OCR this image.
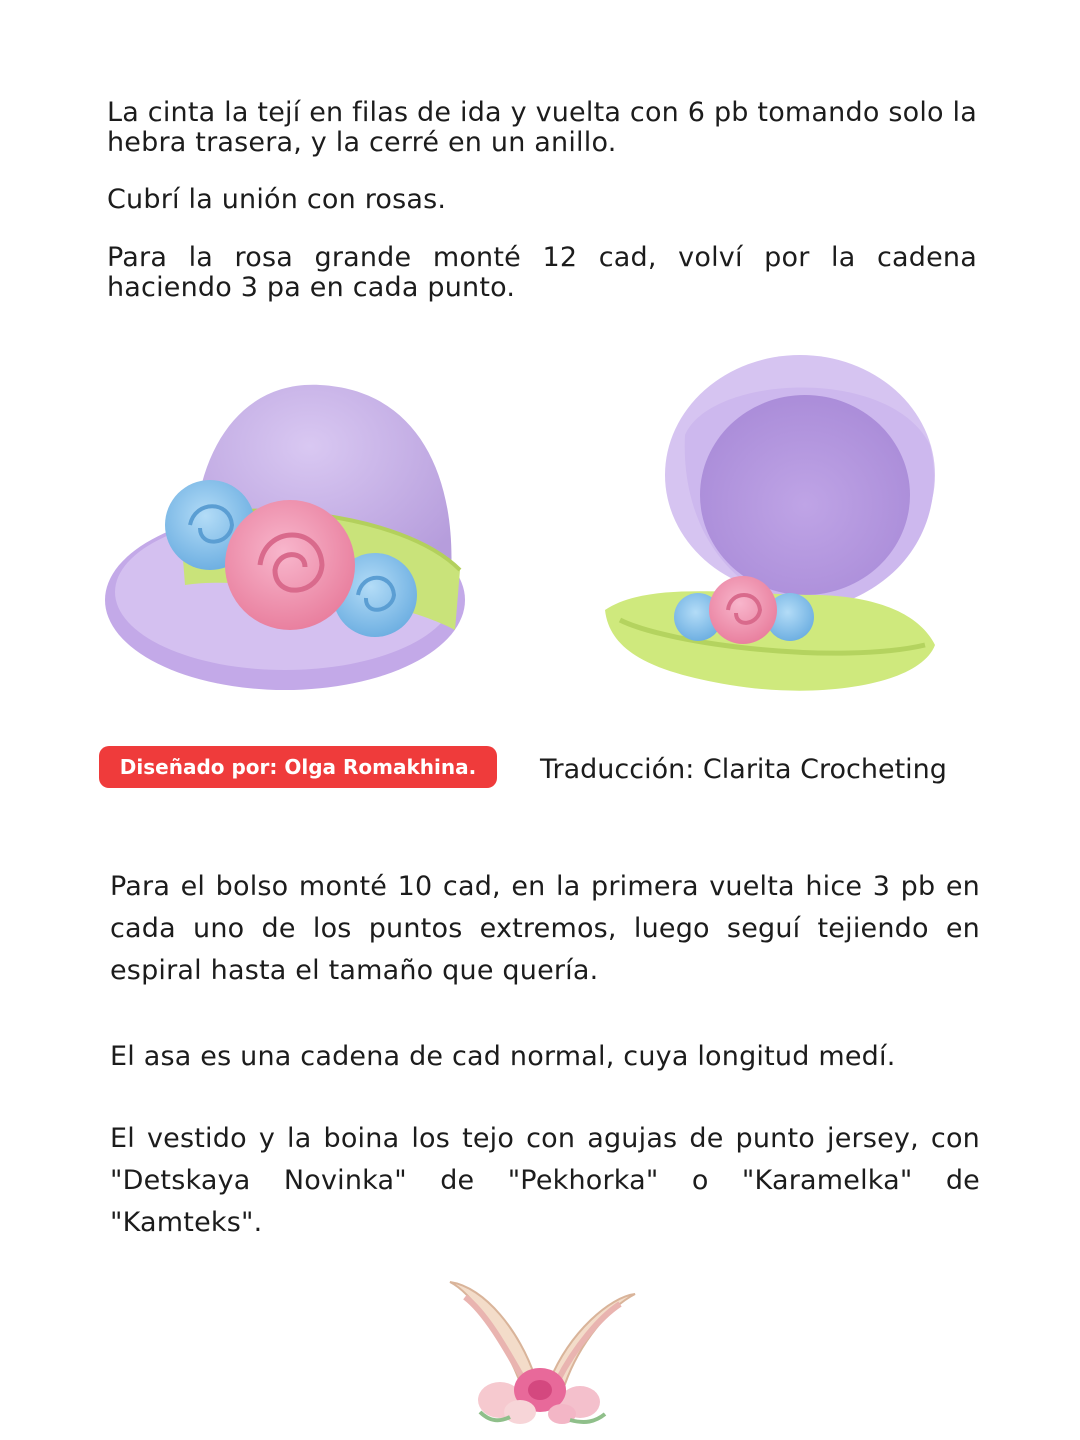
La cinta la tejí en filas de ida y vuelta con 6 pb tomando solo la hebra trasera, y la cerré en un anillo.

Cubrí la unión con rosas.

Para la rosa grande monté 12 cad, volví por la cadena haciendo 3 pa en cada punto.

Diseñado por: Olga Romakhina.	Traducción: Clarita Crocheting

Para el bolso monté 10 cad, en la primera vuelta hice 3 pb en cada uno de los puntos extremos, luego seguí tejiendo en espiral hasta el tamaño que quería.

El asa es una cadena de cad normal, cuya longitud medí.

El vestido y la boina los tejo con agujas de punto jersey, con "Detskaya Novinka" de "Pekhorka" o "Karamelka" de "Kamteks".
